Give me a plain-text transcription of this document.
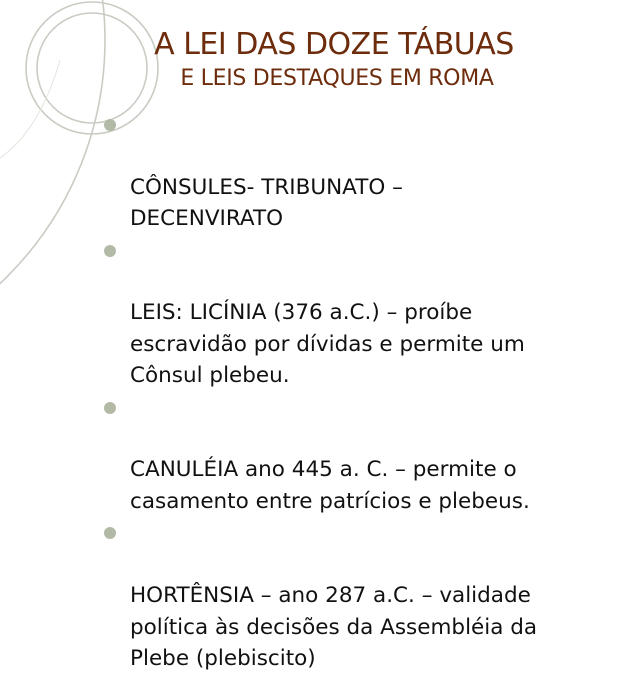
A LEI DAS DOZE TÁBUAS
E LEIS DESTAQUES EM ROMA

CÔNSULES- TRIBUNATO –
DECENVIRATO

LEIS: LICÍNIA (376 a.C.) – proíbe
escravidão por dívidas e permite um
Cônsul plebeu.

CANULÉIA ano 445 a. C. – permite o
casamento entre patrícios e plebeus.

HORTÊNSIA – ano 287 a.C. – validade
política às decisões da Assembléia da
Plebe (plebiscito)
